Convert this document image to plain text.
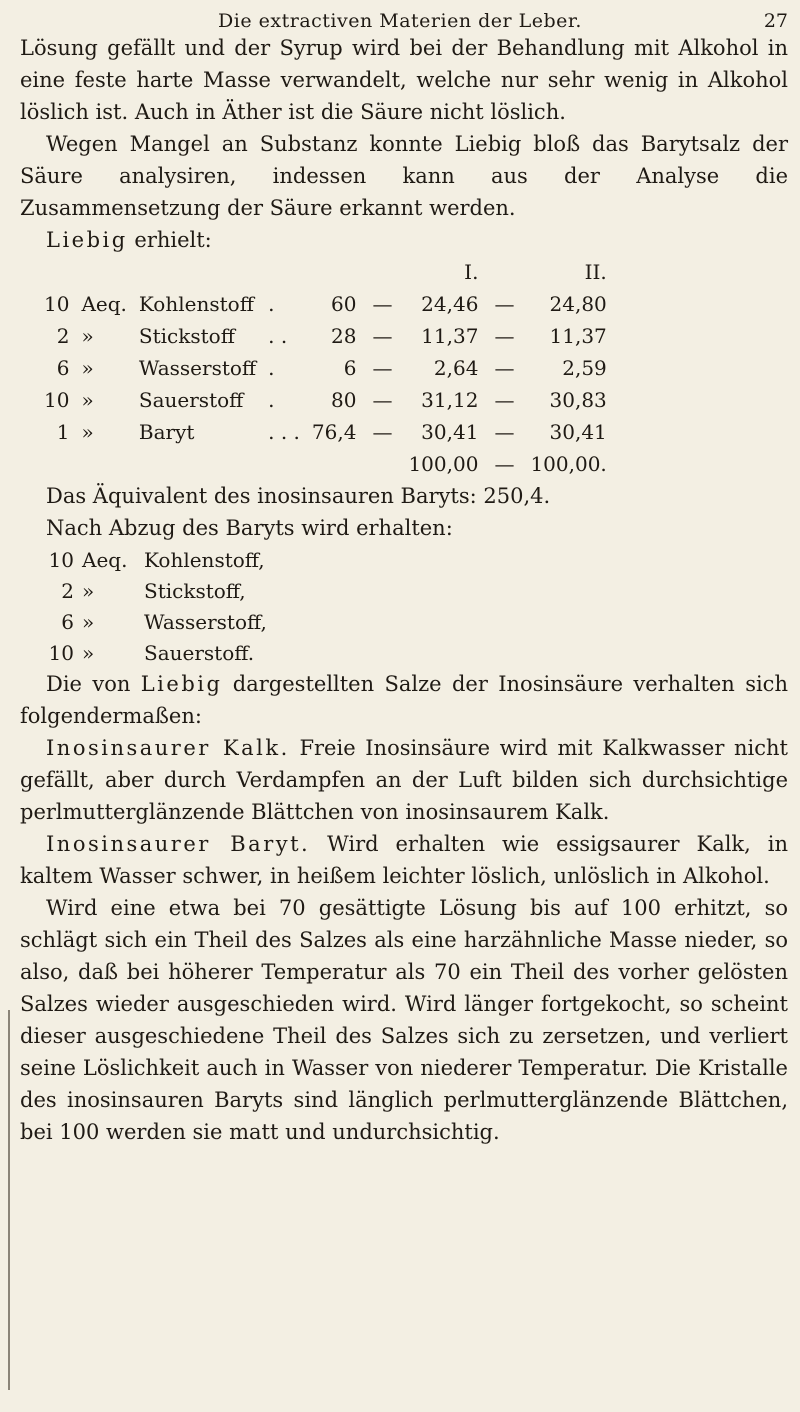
Die extractiven Materien der Leber.	27

Lösung gefällt und der Syrup wird bei der Behandlung mit Alkohol in eine feste harte Masse verwandelt, welche nur sehr wenig in Alkohol löslich ist. Auch in Äther ist die Säure nicht löslich.

Wegen Mangel an Substanz konnte Liebig bloß das Barytsalz der Säure analysiren, indessen kann aus der Analyse die Zusammensetzung der Säure erkannt werden.

Liebig erhielt:

						I.		II.
10	Aeq.	Kohlenstoff	.	60	—	24,46	—	24,80
2	»	Stickstoff	. .	28	—	11,37	—	11,37
6	»	Wasserstoff	.	6	—	2,64	—	2,59
10	»	Sauerstoff	.	80	—	31,12	—	30,83
1	»	Baryt	. . .	76,4	—	30,41	—	30,41
						100,00	—	100,00.

Das Äquivalent des inosinsauren Baryts: 250,4.

Nach Abzug des Baryts wird erhalten:

10 Aeq. Kohlenstoff,
2 » Stickstoff,
6 » Wasserstoff,
10 » Sauerstoff.

Die von Liebig dargestellten Salze der Inosinsäure verhalten sich folgendermaßen:

Inosinsaurer Kalk. Freie Inosinsäure wird mit Kalkwasser nicht gefällt, aber durch Verdampfen an der Luft bilden sich durchsichtige perlmutterglänzende Blättchen von inosinsaurem Kalk.

Inosinsaurer Baryt. Wird erhalten wie essigsaurer Kalk, in kaltem Wasser schwer, in heißem leichter löslich, unlöslich in Alkohol.

Wird eine etwa bei 70 gesättigte Lösung bis auf 100 erhitzt, so schlägt sich ein Theil des Salzes als eine harzähnliche Masse nieder, so also, daß bei höherer Temperatur als 70 ein Theil des vorher gelösten Salzes wieder ausgeschieden wird. Wird länger fortgekocht, so scheint dieser ausgeschiedene Theil des Salzes sich zu zersetzen, und verliert seine Löslichkeit auch in Wasser von niederer Temperatur. Die Kristalle des inosinsauren Baryts sind länglich perlmutterglänzende Blättchen, bei 100 werden sie matt und undurchsichtig.
